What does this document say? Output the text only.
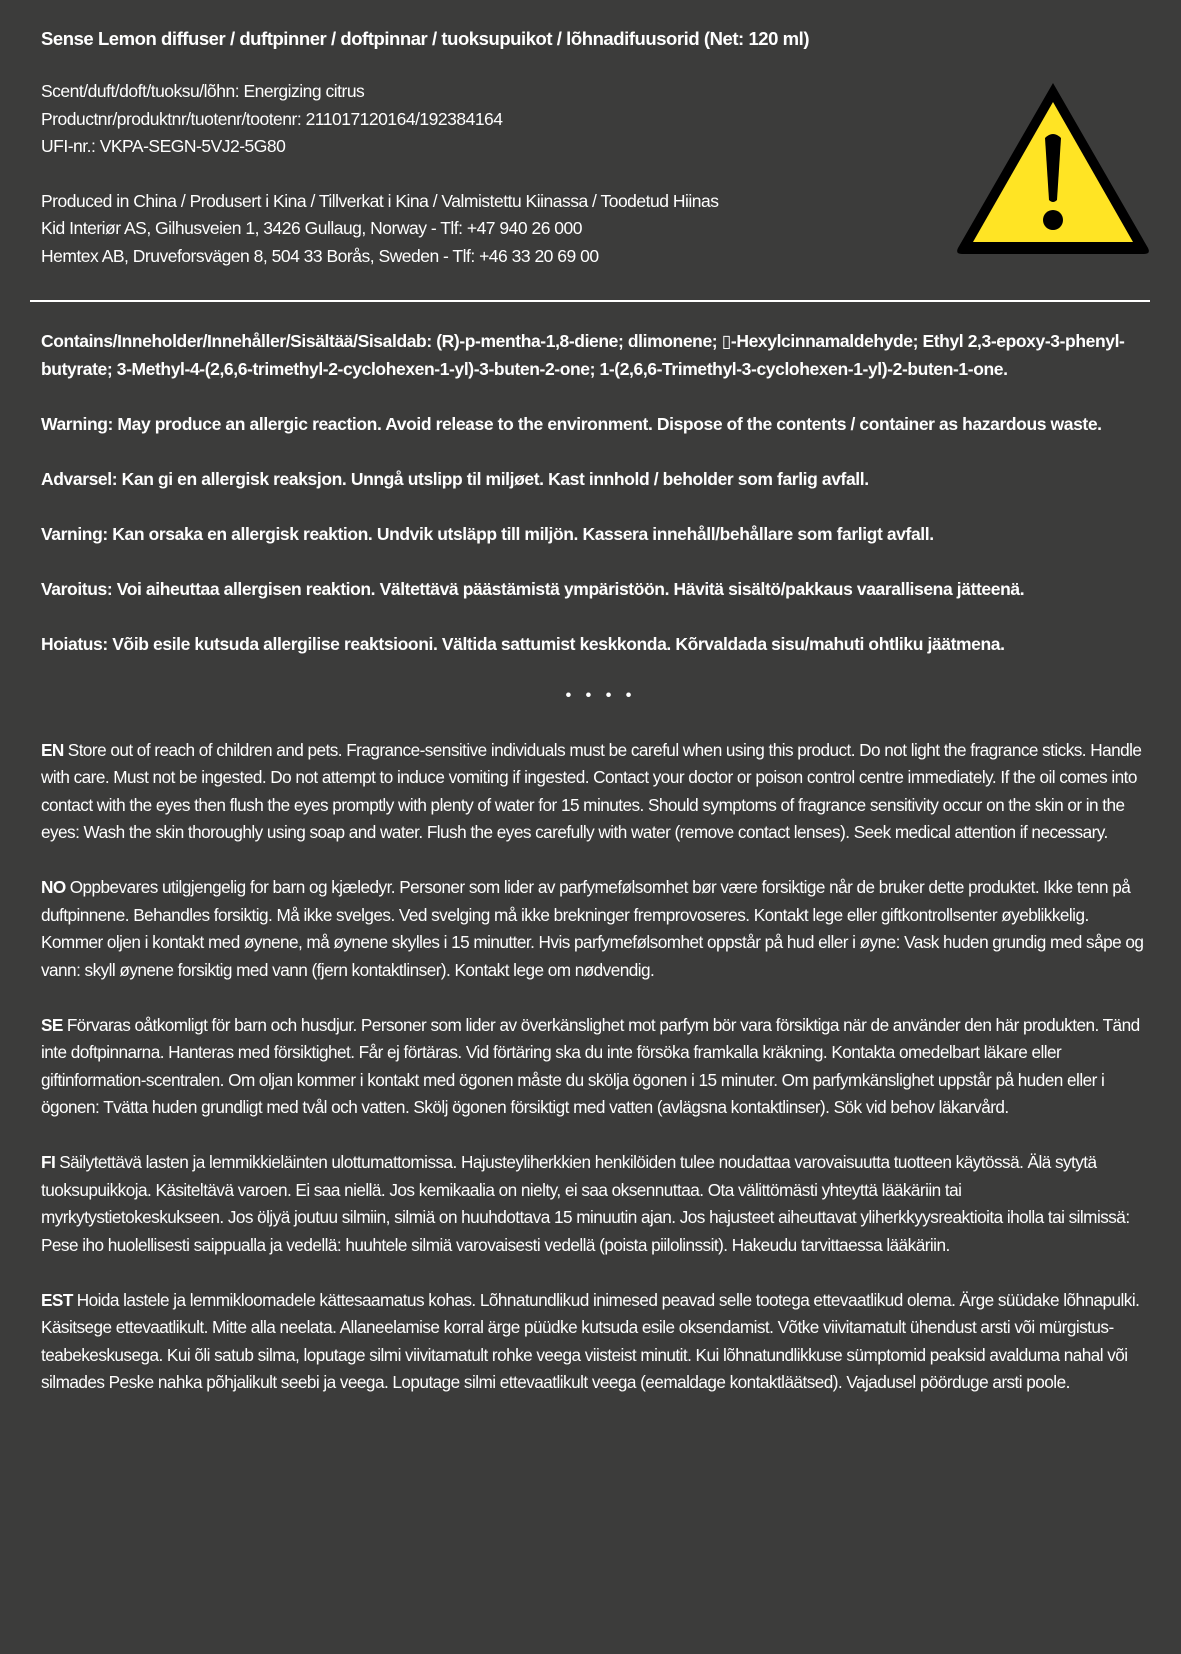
Sense Lemon diffuser / duftpinner / doftpinnar / tuoksupuikot / lõhnadifuusorid (Net: 120 ml)
Scent/duft/doft/tuoksu/lõhn: Energizing citrus
Productnr/produktnr/tuotenr/tootenr: 211017120164/192384164
UFI-nr.: VKPA-SEGN-5VJ2-5G80
Produced in China / Produsert i Kina / Tillverkat i Kina / Valmistettu Kiinassa / Toodetud Hiinas
Kid Interiør AS, Gilhusveien 1, 3426 Gullaug, Norway - Tlf: +47 940 26 000
Hemtex AB, Druveforsvägen 8, 504 33 Borås, Sweden - Tlf: +46 33 20 69 00

Contains/Inneholder/Innehåller/Sisältää/Sisaldab: (R)-p-mentha-1,8-diene; dlimonene; ▯-Hexylcinnamaldehyde; Ethyl 2,3-epoxy-3-phenyl-butyrate; 3-Methyl-4-(2,6,6-trimethyl-2-cyclohexen-1-yl)-3-buten-2-one; 1-(2,6,6-Trimethyl-3-cyclohexen-1-yl)-2-buten-1-one.

Warning: May produce an allergic reaction. Avoid release to the environment. Dispose of the contents / container as hazardous waste.

Advarsel: Kan gi en allergisk reaksjon. Unngå utslipp til miljøet. Kast innhold / beholder som farlig avfall.

Varning: Kan orsaka en allergisk reaktion. Undvik utsläpp till miljön. Kassera innehåll/behållare som farligt avfall.

Varoitus: Voi aiheuttaa allergisen reaktion. Vältettävä päästämistä ympäristöön. Hävitä sisältö/pakkaus vaarallisena jätteenä.

Hoiatus: Võib esile kutsuda allergilise reaktsiooni. Vältida sattumist keskkonda. Kõrvaldada sisu/mahuti ohtliku jäätmena.

• • • •

EN Store out of reach of children and pets. Fragrance-sensitive individuals must be careful when using this product. Do not light the fragrance sticks. Handle with care. Must not be ingested. Do not attempt to induce vomiting if ingested. Contact your doctor or poison control centre immediately. If the oil comes into contact with the eyes then flush the eyes promptly with plenty of water for 15 minutes. Should symptoms of fragrance sensitivity occur on the skin or in the eyes: Wash the skin thoroughly using soap and water. Flush the eyes carefully with water (remove contact lenses). Seek medical attention if necessary.

NO Oppbevares utilgjengelig for barn og kjæledyr. Personer som lider av parfymefølsomhet bør være forsiktige når de bruker dette produktet. Ikke tenn på duftpinnene. Behandles forsiktig. Må ikke svelges. Ved svelging må ikke brekninger fremprovoseres. Kontakt lege eller giftkontrollsenter øyeblikkelig. Kommer oljen i kontakt med øynene, må øynene skylles i 15 minutter. Hvis parfymefølsomhet oppstår på hud eller i øyne: Vask huden grundig med såpe og vann: skyll øynene forsiktig med vann (fjern kontaktlinser). Kontakt lege om nødvendig.

SE Förvaras oåtkomligt för barn och husdjur. Personer som lider av överkänslighet mot parfym bör vara försiktiga när de använder den här produkten. Tänd inte doftpinnarna. Hanteras med försiktighet. Får ej förtäras. Vid förtäring ska du inte försöka framkalla kräkning. Kontakta omedelbart läkare eller giftinformation-scentralen. Om oljan kommer i kontakt med ögonen måste du skölja ögonen i 15 minuter. Om parfymkänslighet uppstår på huden eller i ögonen: Tvätta huden grundligt med tvål och vatten. Skölj ögonen försiktigt med vatten (avlägsna kontaktlinser). Sök vid behov läkarvård.

FI Säilytettävä lasten ja lemmikkieläinten ulottumattomissa. Hajusteyliherkkien henkilöiden tulee noudattaa varovaisuutta tuotteen käytössä. Älä sytytä tuoksupuikkoja. Käsiteltävä varoen. Ei saa niellä. Jos kemikaalia on nielty, ei saa oksennuttaa. Ota välittömästi yhteyttä lääkäriin tai myrkytystietokeskukseen. Jos öljyä joutuu silmiin, silmiä on huuhdottava 15 minuutin ajan. Jos hajusteet aiheuttavat yliherkkyysreaktioita iholla tai silmissä: Pese iho huolellisesti saippualla ja vedellä: huuhtele silmiä varovaisesti vedellä (poista piilolinssit). Hakeudu tarvittaessa lääkäriin.

EST Hoida lastele ja lemmikloomadele kättesaamatus kohas. Lõhnatundlikud inimesed peavad selle tootega ettevaatlikud olema. Ärge süüdake lõhnapulki. Käsitsege ettevaatlikult. Mitte alla neelata. Allaneelamise korral ärge püüdke kutsuda esile oksendamist. Võtke viivitamatult ühendust arsti või mürgistus-teabekeskusega. Kui õli satub silma, loputage silmi viivitamatult rohke veega viisteist minutit. Kui lõhnatundlikkuse sümptomid peaksid avalduma nahal või silmades Peske nahka põhjalikult seebi ja veega. Loputage silmi ettevaatlikult veega (eemaldage kontaktläätsed). Vajadusel pöörduge arsti poole.
